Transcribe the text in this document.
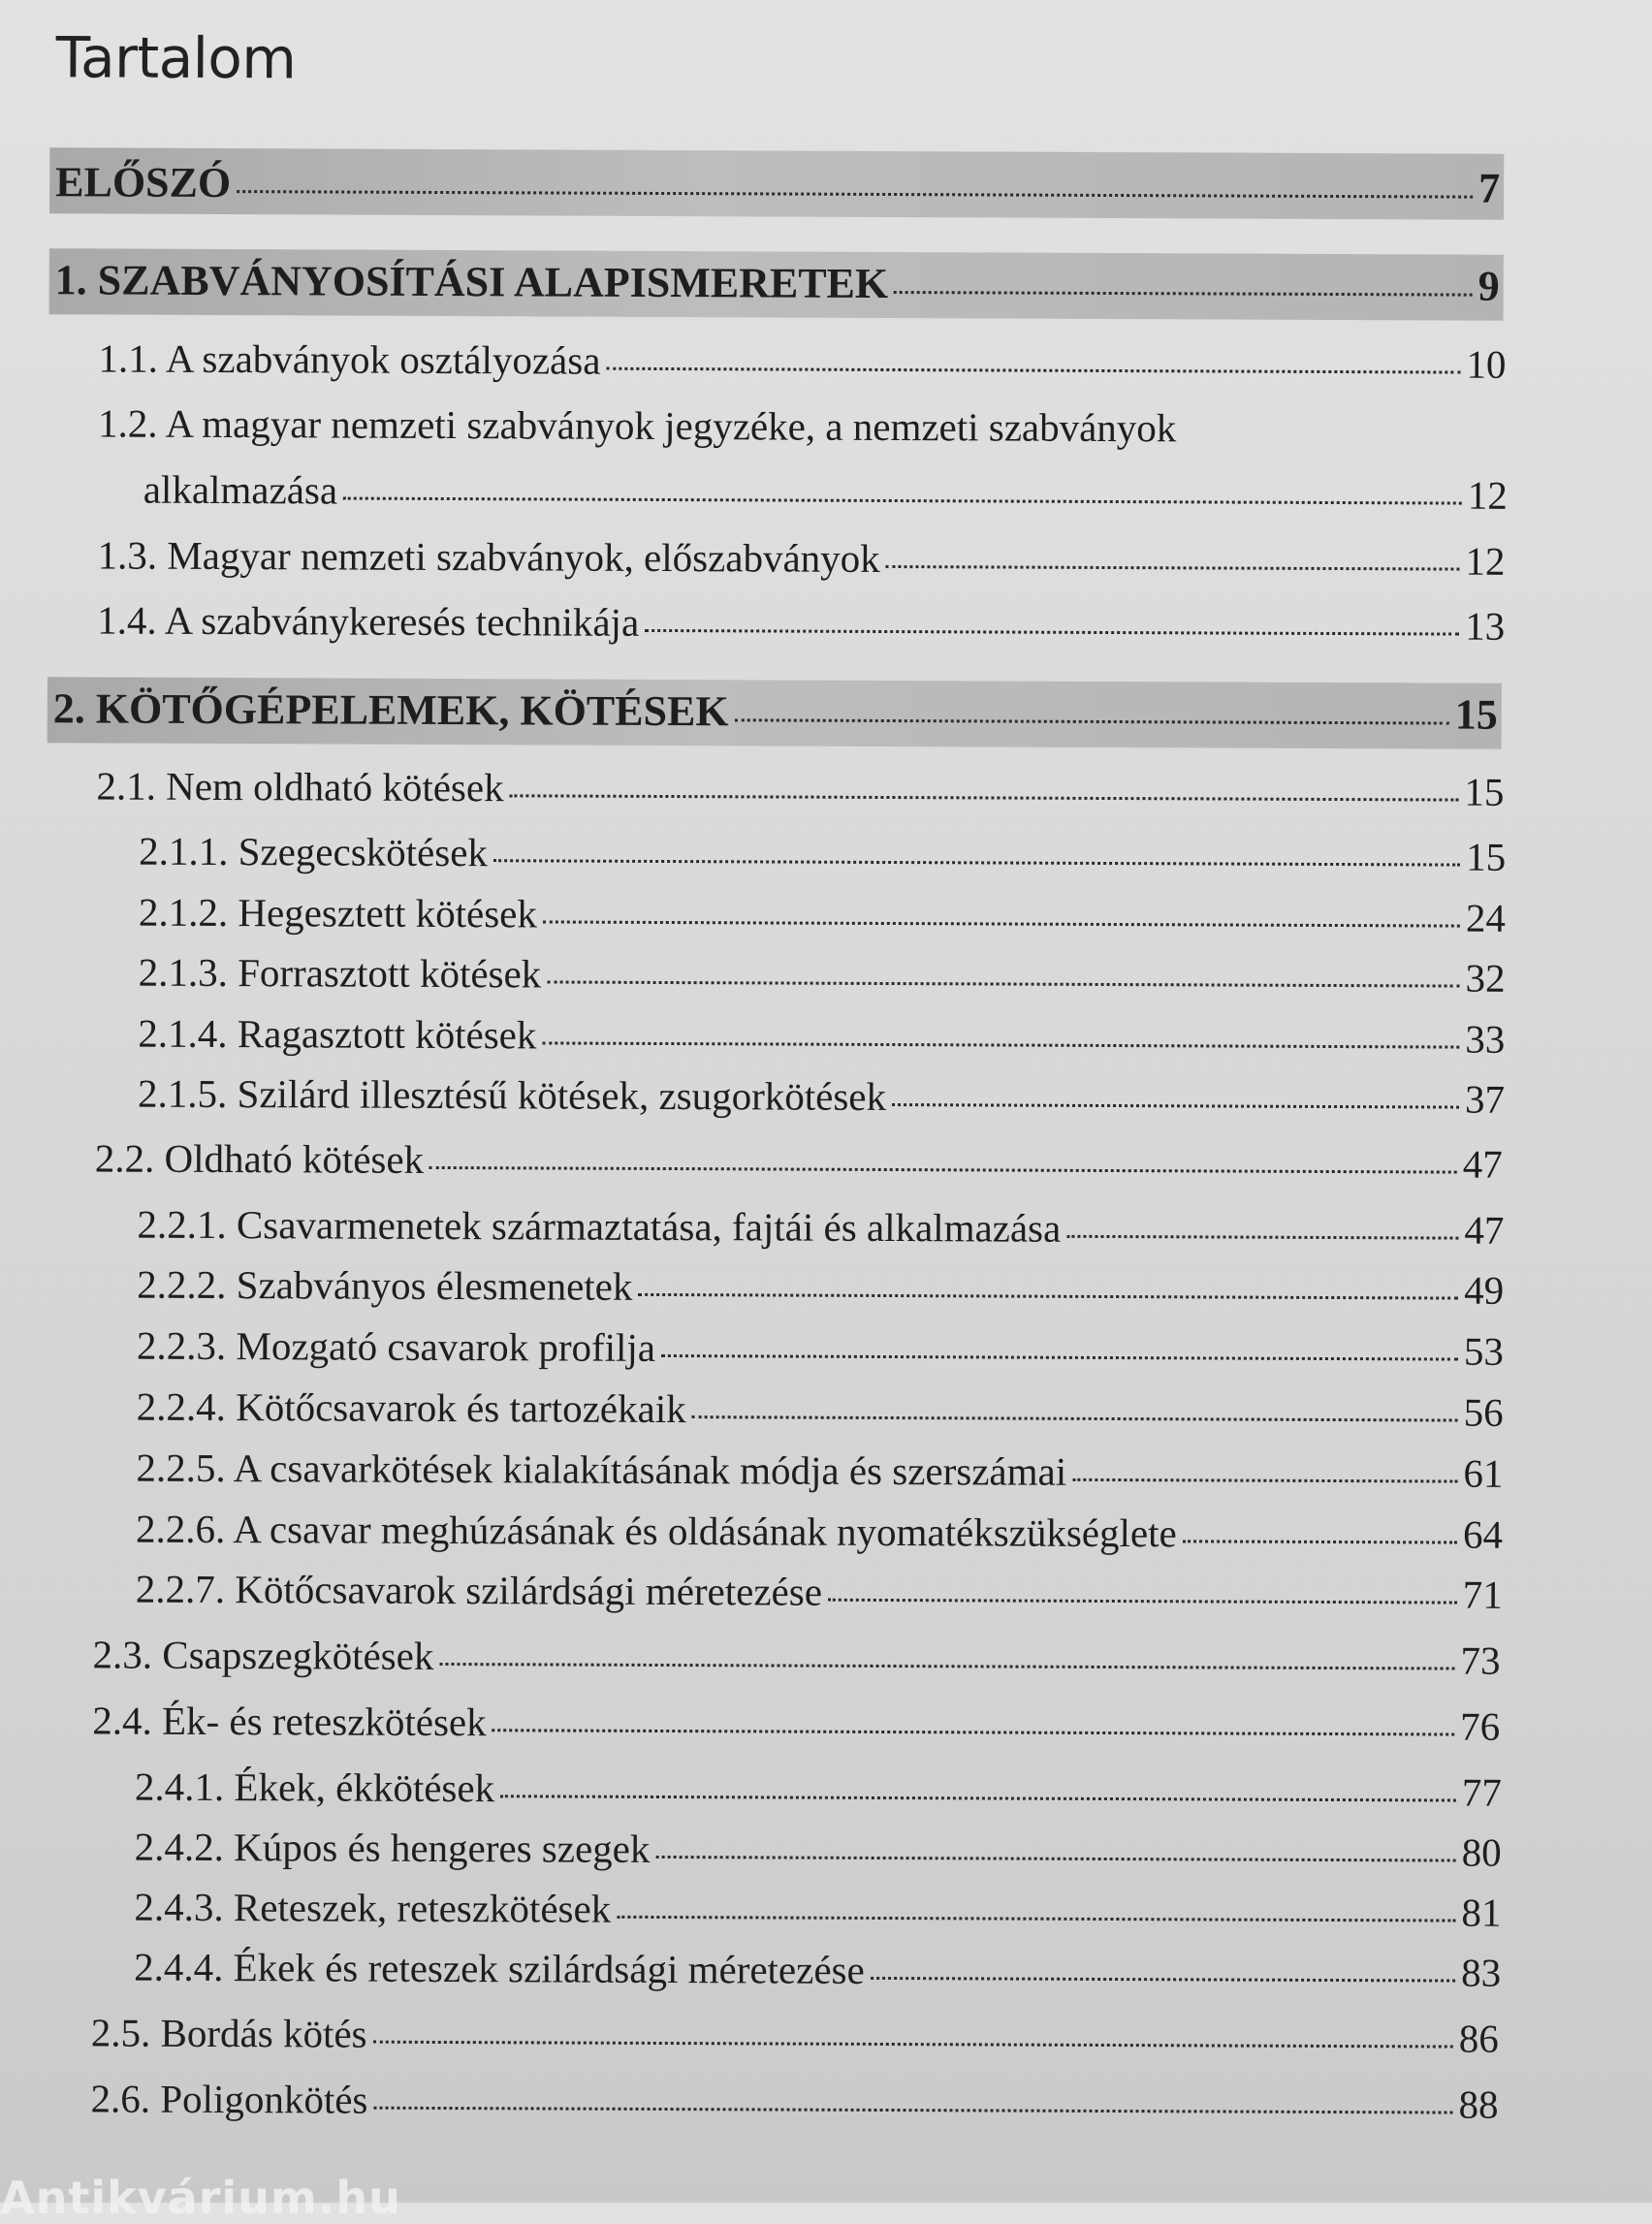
Tartalom
ELŐSZÓ	7
1. SZABVÁNYOSÍTÁSI ALAPISMERETEK	9
1.1. A szabványok osztályozása	10
1.2. A magyar nemzeti szabványok jegyzéke, a nemzeti szabványok
alkalmazása	12
1.3. Magyar nemzeti szabványok, előszabványok	12
1.4. A szabványkeresés technikája	13
2. KÖTŐGÉPELEMEK, KÖTÉSEK	15
2.1. Nem oldható kötések	15
2.1.1. Szegecskötések	15
2.1.2. Hegesztett kötések	24
2.1.3. Forrasztott kötések	32
2.1.4. Ragasztott kötések	33
2.1.5. Szilárd illesztésű kötések, zsugorkötések	37
2.2. Oldható kötések	47
2.2.1. Csavarmenetek származtatása, fajtái és alkalmazása	47
2.2.2. Szabványos élesmenetek	49
2.2.3. Mozgató csavarok profilja	53
2.2.4. Kötőcsavarok és tartozékaik	56
2.2.5. A csavarkötések kialakításának módja és szerszámai	61
2.2.6. A csavar meghúzásának és oldásának nyomatékszükséglete	64
2.2.7. Kötőcsavarok szilárdsági méretezése	71
2.3. Csapszegkötések	73
2.4. Ék- és reteszkötések	76
2.4.1. Ékek, ékkötések	77
2.4.2. Kúpos és hengeres szegek	80
2.4.3. Reteszek, reteszkötések	81
2.4.4. Ékek és reteszek szilárdsági méretezése	83
2.5. Bordás kötés	86
2.6. Poligonkötés	88
Antikvárium.hu
